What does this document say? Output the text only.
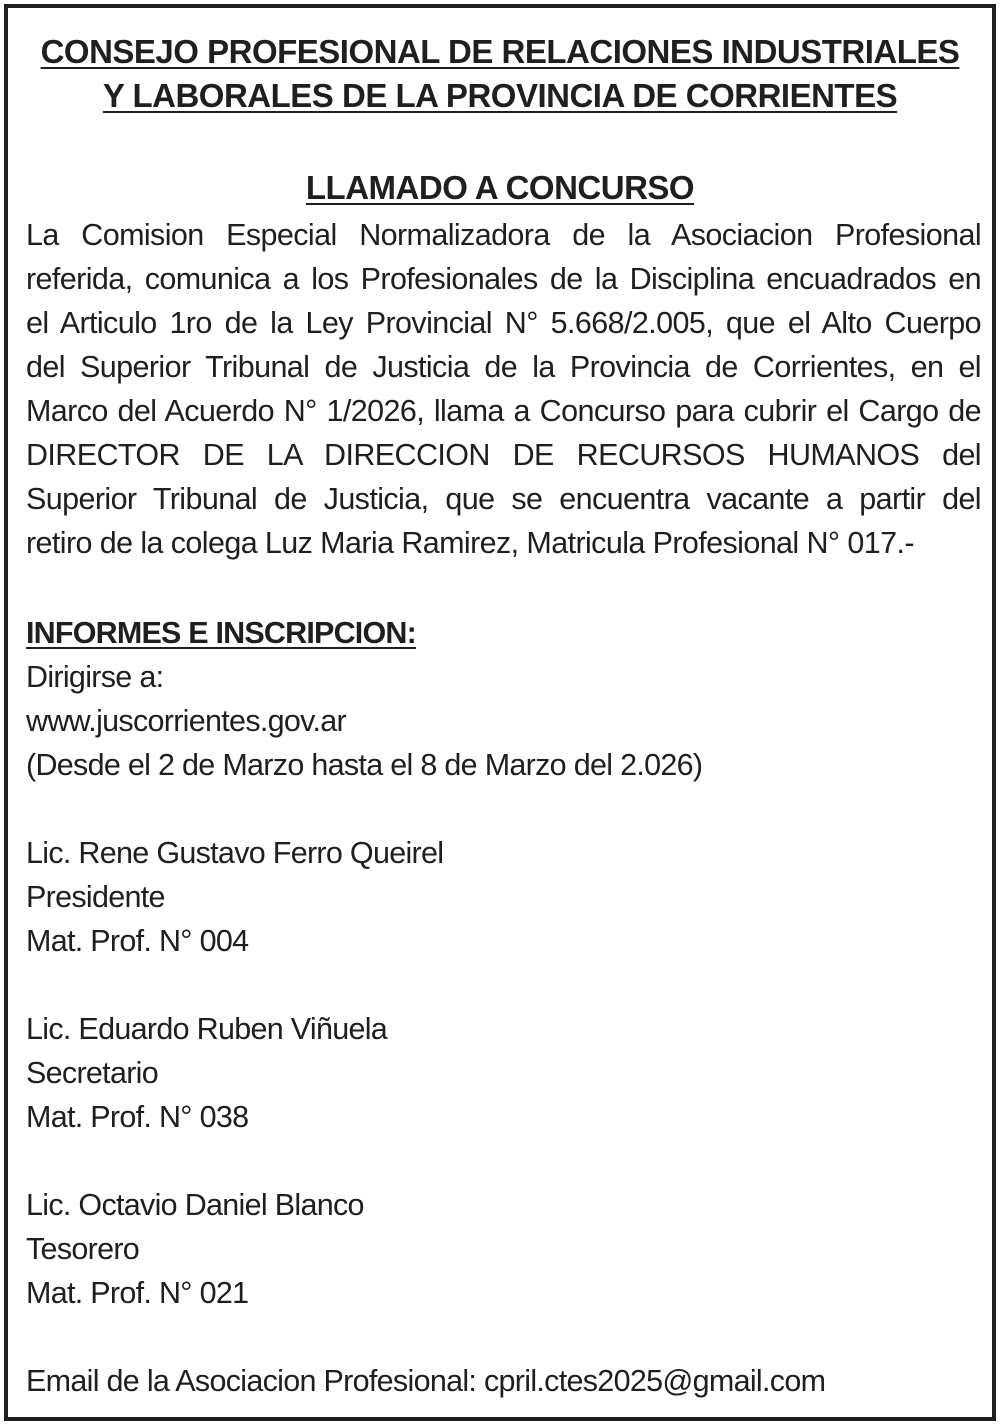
CONSEJO PROFESIONAL DE RELACIONES INDUSTRIALES
Y LABORALES DE LA PROVINCIA DE CORRIENTES
LLAMADO A CONCURSO
La Comision Especial Normalizadora de la Asociacion Profesional
referida, comunica a los Profesionales de la Disciplina encuadrados en
el Articulo 1ro de la Ley Provincial N° 5.668/2.005, que el Alto Cuerpo
del Superior Tribunal de Justicia de la Provincia de Corrientes, en el
Marco del Acuerdo N° 1/2026, llama a Concurso para cubrir el Cargo de
DIRECTOR DE LA DIRECCION DE RECURSOS HUMANOS del
Superior Tribunal de Justicia, que se encuentra vacante a partir del
retiro de la colega Luz Maria Ramirez, Matricula Profesional N° 017.-
INFORMES E INSCRIPCION:
Dirigirse a:
www.juscorrientes.gov.ar
(Desde el 2 de Marzo hasta el 8 de Marzo del 2.026)
Lic. Rene Gustavo Ferro Queirel
Presidente
Mat. Prof. N° 004
Lic. Eduardo Ruben Viñuela
Secretario
Mat. Prof. N° 038
Lic. Octavio Daniel Blanco
Tesorero
Mat. Prof. N° 021
Email de la Asociacion Profesional: cpril.ctes2025@gmail.com
